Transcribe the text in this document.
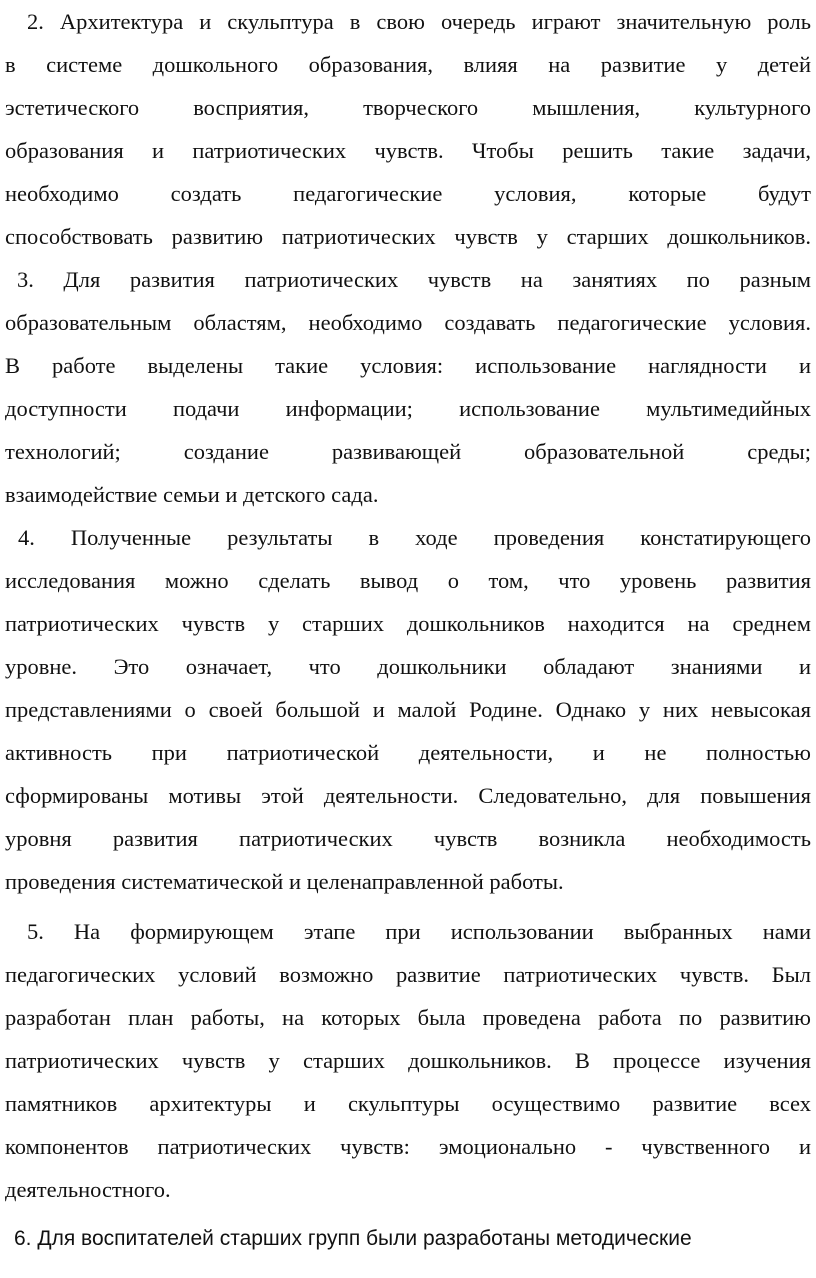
2. Архитектура и скульптура в свою очередь играют значительную роль
в системе дошкольного образования, влияя на развитие у детей
эстетического восприятия, творческого мышления, культурного
образования и патриотических чувств. Чтобы решить такие задачи,
необходимо создать педагогические условия, которые будут
способствовать развитию патриотических чувств у старших дошкольников.
3. Для развития патриотических чувств на занятиях по разным
образовательным областям, необходимо создавать педагогические условия.
В работе выделены такие условия: использование наглядности и
доступности подачи информации; использование мультимедийных
технологий; создание развивающей образовательной среды;
взаимодействие семьи и детского сада.
4. Полученные результаты в ходе проведения констатирующего
исследования можно сделать вывод о том, что уровень развития
патриотических чувств у старших дошкольников находится на среднем
уровне. Это означает, что дошкольники обладают знаниями и
представлениями о своей большой и малой Родине. Однако у них невысокая
активность при патриотической деятельности, и не полностью
сформированы мотивы этой деятельности. Следовательно, для повышения
уровня развития патриотических чувств возникла необходимость
проведения систематической и целенаправленной работы.
5. На формирующем этапе при использовании выбранных нами
педагогических условий возможно развитие патриотических чувств. Был
разработан план работы, на которых была проведена работа по развитию
патриотических чувств у старших дошкольников. В процессе изучения
памятников архитектуры и скульптуры осуществимо развитие всех
компонентов патриотических чувств: эмоционально - чувственного и
деятельностного.
6. Для воспитателей старших групп были разработаны методические
